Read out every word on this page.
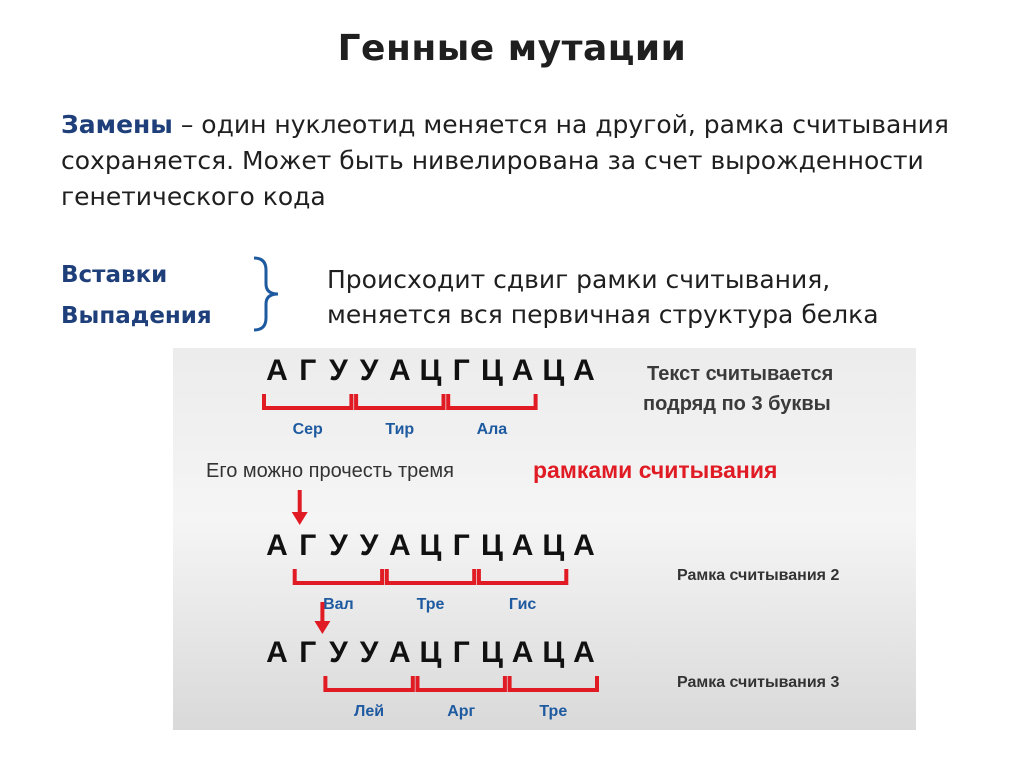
Генные мутации
Замены – один нуклеотид меняется на другой, рамка считывания сохраняется. Может быть нивелирована за счет вырожденности генетического кода
Вставки
Выпадения
Происходит сдвиг рамки считывания,
меняется вся первичная структура белка
А Г У У А Ц Г Ц А Ц А
Сер	Тир	Ала
А Г У У А Ц Г Ц А Ц А
Вал	Тре	Гис
Рамка считывания 2
А Г У У А Ц Г Ц А Ц А
Лей	Арг	Тре
Рамка считывания 3
Текст считывается
подряд по 3 буквы
Его можно прочесть тремя	рамками считывания
